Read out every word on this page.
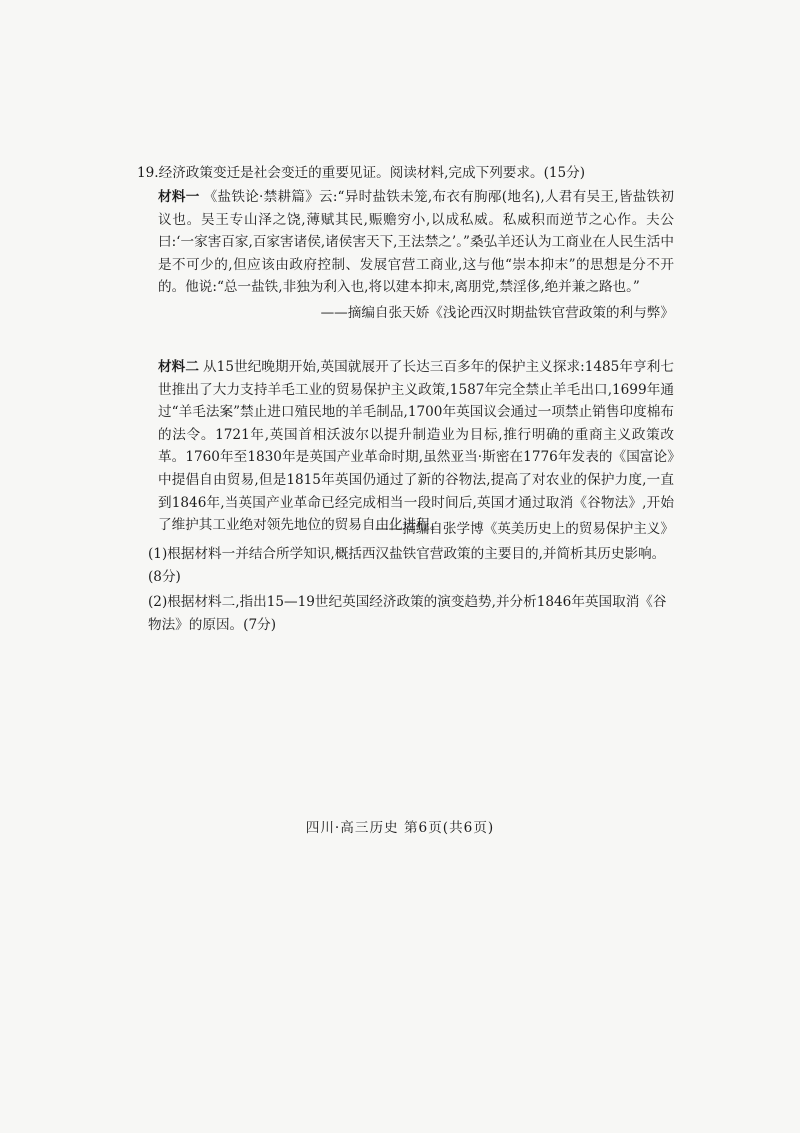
19.经济政策变迁是社会变迁的重要见证。阅读材料,完成下列要求。(15分)
材料一 《盐铁论·禁耕篇》云:“异时盐铁未笼,布衣有朐邴(地名),人君有吴王,皆盐铁初议也。吴王专山泽之饶,薄赋其民,赈赡穷小,以成私威。私威积而逆节之心作。夫公曰:‘一家害百家,百家害诸侯,诸侯害天下,王法禁之’。”桑弘羊还认为工商业在人民生活中是不可少的,但应该由政府控制、发展官营工商业,这与他“崇本抑末”的思想是分不开的。他说:“总一盐铁,非独为利入也,将以建本抑末,离朋党,禁淫侈,绝并兼之路也。”
——摘编自张天娇《浅论西汉时期盐铁官营政策的利与弊》
材料二 从15世纪晚期开始,英国就展开了长达三百多年的保护主义探求:1485年亨利七世推出了大力支持羊毛工业的贸易保护主义政策,1587年完全禁止羊毛出口,1699年通过“羊毛法案”禁止进口殖民地的羊毛制品,1700年英国议会通过一项禁止销售印度棉布的法令。1721年,英国首相沃波尔以提升制造业为目标,推行明确的重商主义政策改革。1760年至1830年是英国产业革命时期,虽然亚当·斯密在1776年发表的《国富论》中提倡自由贸易,但是1815年英国仍通过了新的谷物法,提高了对农业的保护力度,一直到1846年,当英国产业革命已经完成相当一段时间后,英国才通过取消《谷物法》,开始了维护其工业绝对领先地位的贸易自由化进程。
——摘编自张学博《英美历史上的贸易保护主义》
(1)根据材料一并结合所学知识,概括西汉盐铁官营政策的主要目的,并简析其历史影响。(8分)
(2)根据材料二,指出15—19世纪英国经济政策的演变趋势,并分析1846年英国取消《谷物法》的原因。(7分)
四川·高三历史 第6页(共6页)
